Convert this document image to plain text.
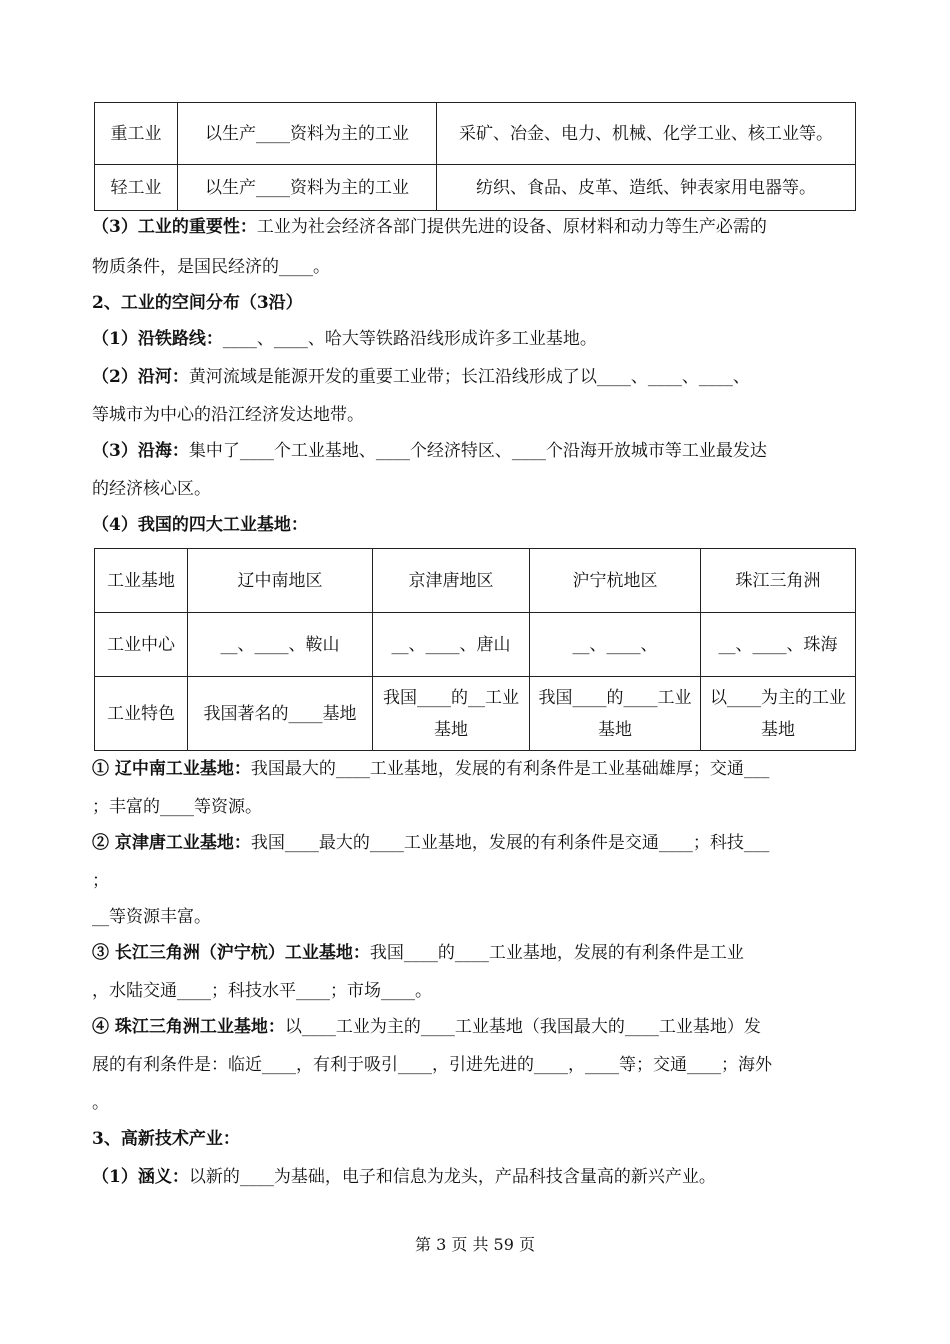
重工业	以生产____资料为主的工业	采矿、冶金、电力、机械、化学工业、核工业等。
轻工业	以生产____资料为主的工业	纺织、食品、皮革、造纸、钟表家用电器等。
（3）工业的重要性：工业为社会经济各部门提供先进的设备、原材料和动力等生产必需的
物质条件，是国民经济的____。
2、工业的空间分布（3沿）
（1）沿铁路线：____、____、哈大等铁路沿线形成许多工业基地。
（2）沿河：黄河流域是能源开发的重要工业带；长江沿线形成了以____、____、____、
等城市为中心的沿江经济发达地带。
（3）沿海：集中了____个工业基地、____个经济特区、____个沿海开放城市等工业最发达
的经济核心区。
（4）我国的四大工业基地：
工业基地	辽中南地区	京津唐地区	沪宁杭地区	珠江三角洲
工业中心	__、____、鞍山	__、____、唐山	__、____、	__、____、珠海
工业特色	我国著名的____基地	我国____的__工业基地	我国____的____工业基地	以____为主的工业基地
① 辽中南工业基地：我国最大的____工业基地，发展的有利条件是工业基础雄厚；交通___
；丰富的____等资源。
② 京津唐工业基地：我国____最大的____工业基地，发展的有利条件是交通____；科技___
；
__等资源丰富。
③ 长江三角洲（沪宁杭）工业基地：我国____的____工业基地，发展的有利条件是工业
，水陆交通____；科技水平____；市场____。
④ 珠江三角洲工业基地：以____工业为主的____工业基地（我国最大的____工业基地）发
展的有利条件是：临近____，有利于吸引____，引进先进的____，____等；交通____；海外
。
3、高新技术产业：
（1）涵义：以新的____为基础，电子和信息为龙头，产品科技含量高的新兴产业。
第 3 页 共 59 页
